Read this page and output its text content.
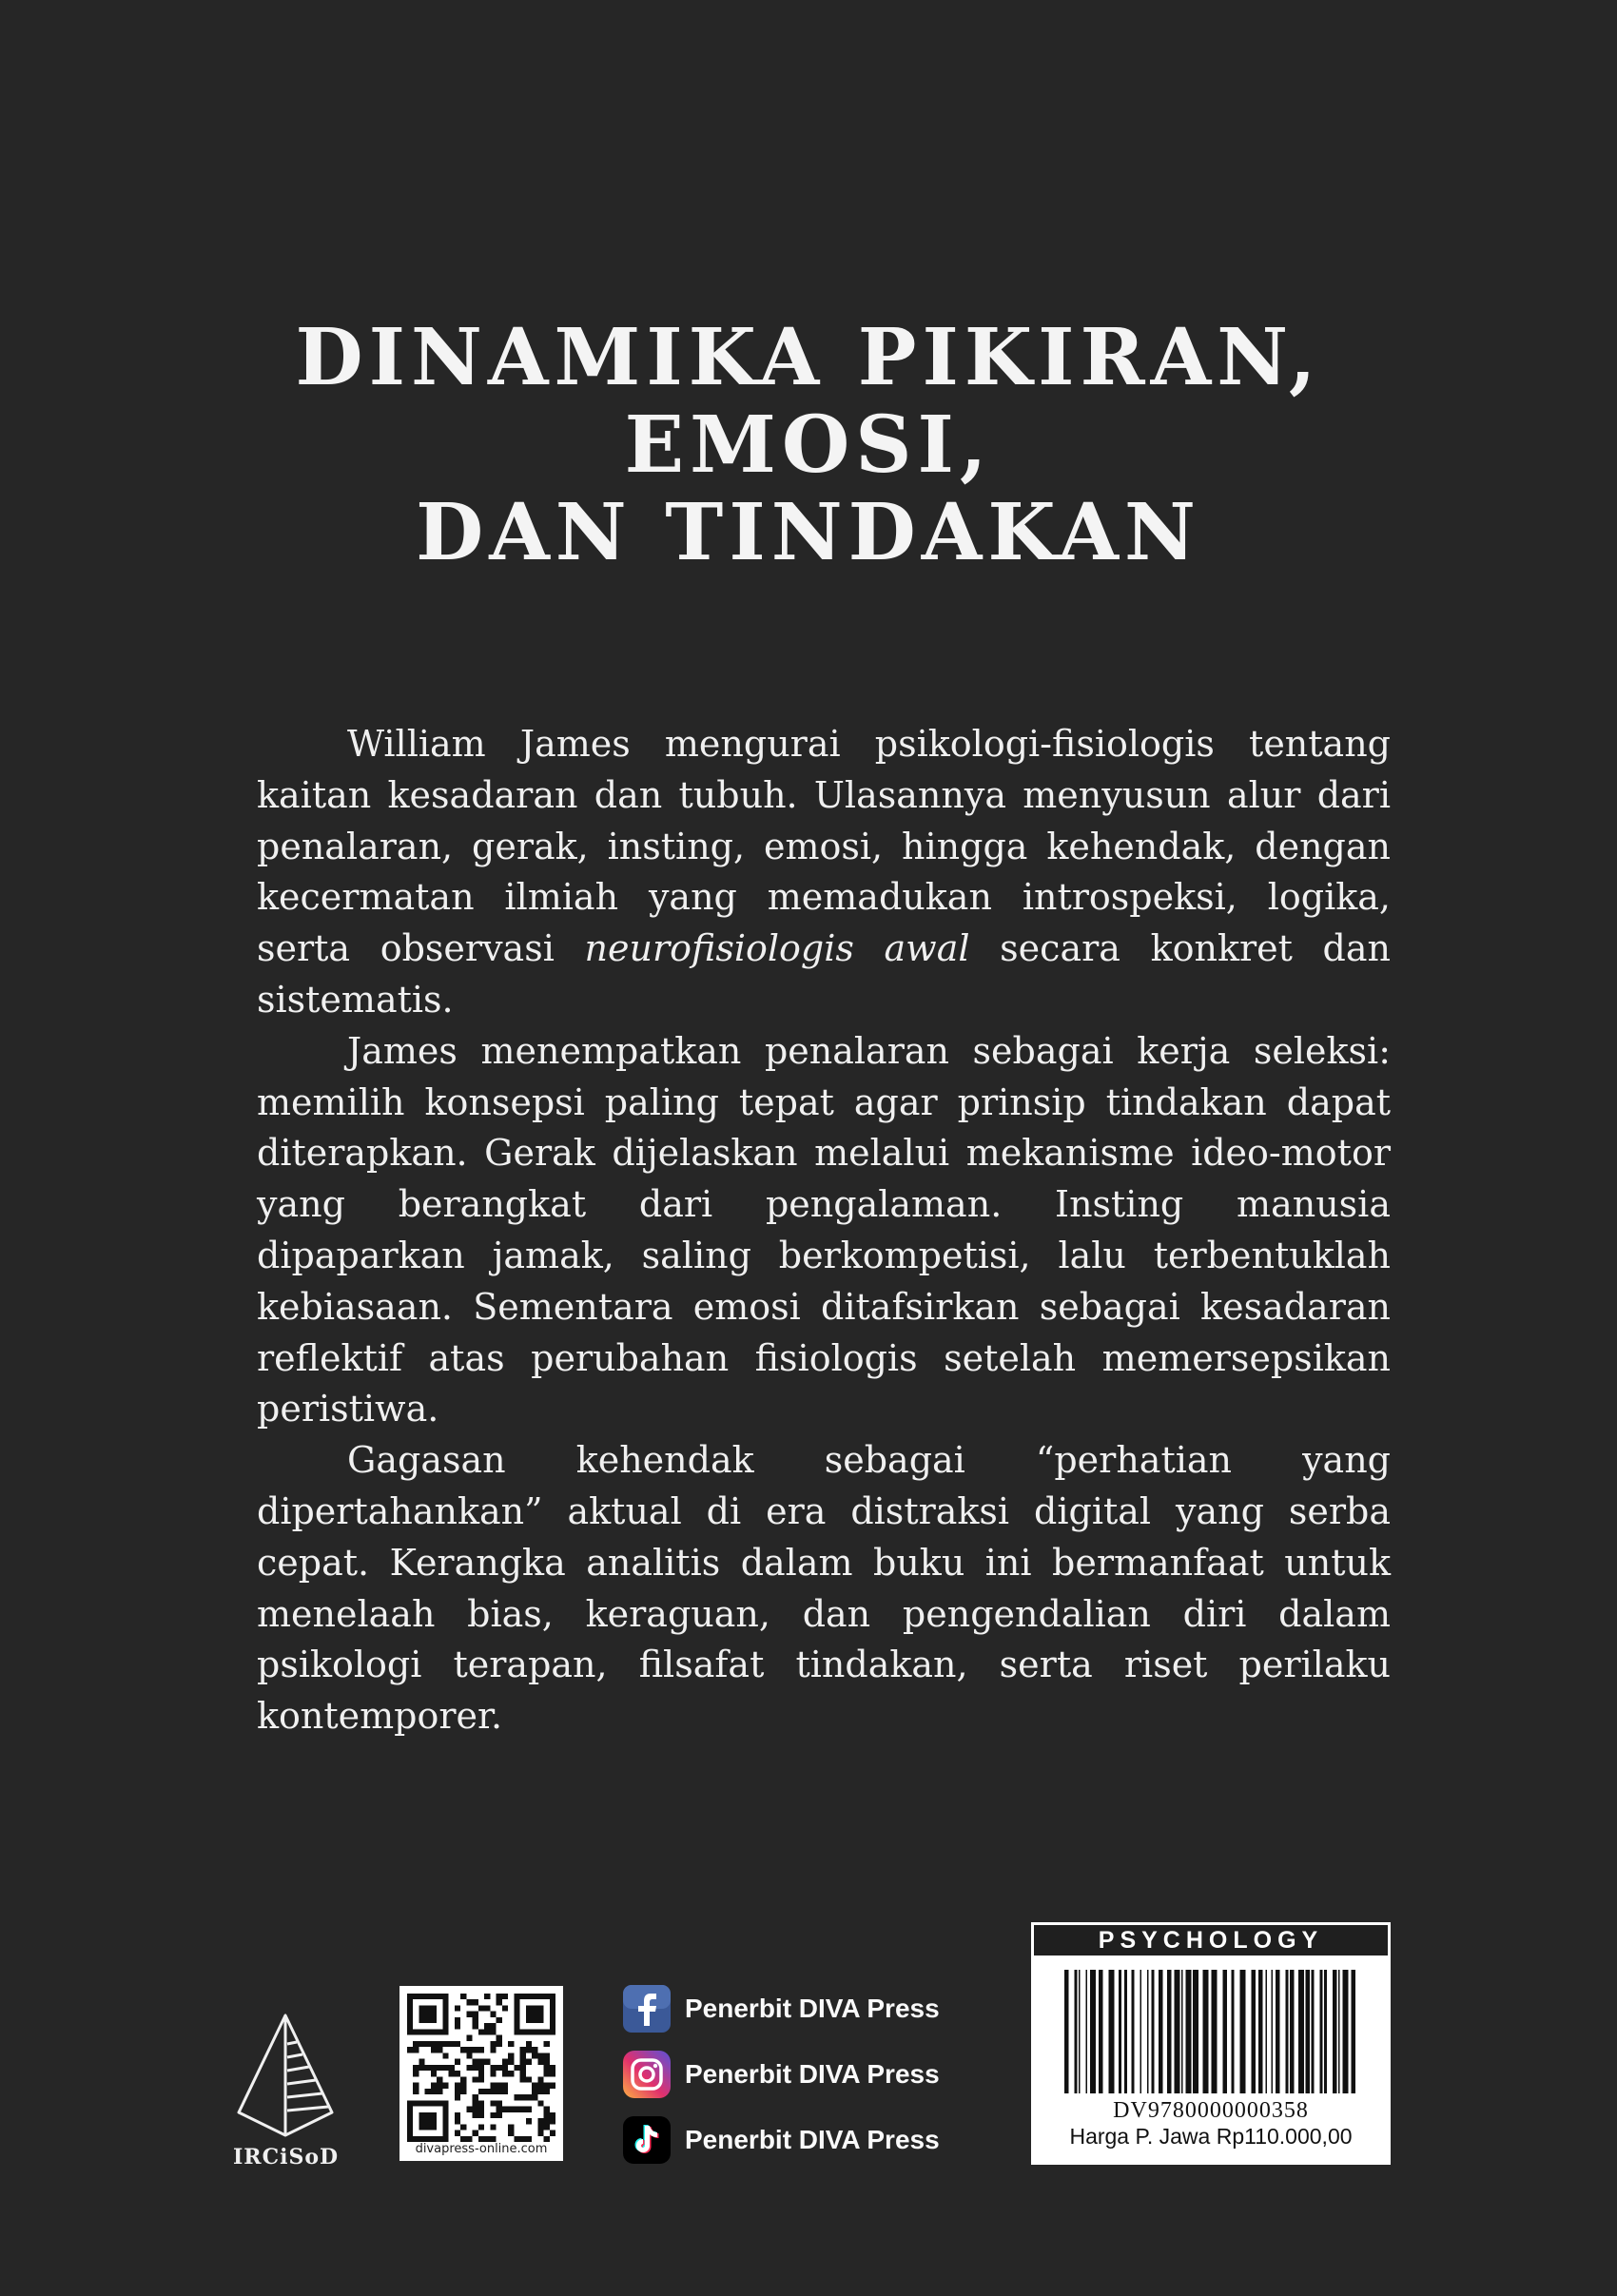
DINAMIKA PIKIRAN,
EMOSI,
DAN TINDAKAN

William James mengurai psikologi-fisiologis tentang kaitan kesadaran dan tubuh. Ulasannya menyusun alur dari penalaran, gerak, insting, emosi, hingga kehendak, dengan kecermatan ilmiah yang memadukan introspeksi, logika, serta observasi neurofisiologis awal secara konkret dan sistematis.

James menempatkan penalaran sebagai kerja seleksi: memilih konsepsi paling tepat agar prinsip tindakan dapat diterapkan. Gerak dijelaskan melalui mekanisme ideo-motor yang berangkat dari pengalaman. Insting manusia dipaparkan jamak, saling berkompetisi, lalu terbentuklah kebiasaan. Sementara emosi ditafsirkan sebagai kesadaran reflektif atas perubahan fisiologis setelah memersepsikan peristiwa.

Gagasan kehendak sebagai “perhatian yang dipertahankan” aktual di era distraksi digital yang serba cepat. Kerangka analitis dalam buku ini bermanfaat untuk menelaah bias, keraguan, dan pengendalian diri dalam psikologi terapan, filsafat tindakan, serta riset perilaku kontemporer.

IRCiSoD	divapress-online.com
Penerbit DIVA Press
Penerbit DIVA Press
Penerbit DIVA Press
PSYCHOLOGY
DV9780000000358
Harga P. Jawa Rp110.000,00
